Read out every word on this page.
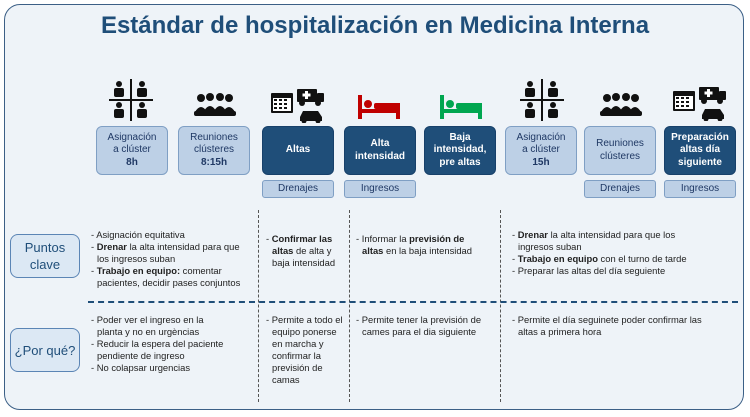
Estándar de hospitalización en Medicina Interna
Asignación
a clúster
8h
Reuniones
clústeres
8:15h
Altas
Alta
intensidad
Baja
intensidad,
pre altas
Asignación
a clúster
15h
Reuniones
clústeres
Preparación
altas día
siguiente
Drenajes	Ingresos	Drenajes	Ingresos
Puntos
clave
¿Por qué?
- Asignación equitativa
- Drenar la alta intensidad para que
los ingresos suban
- Trabajo en equipo: comentar
pacientes, decidir pases conjuntos
- Confirmar las
altas de alta y
baja intensidad
- Informar la previsión de
altas en la baja intensidad
- Drenar la alta intensidad para que los
ingresos suban
- Trabajo en equipo con el turno de tarde
- Preparar las altas del día seguiente
- Poder ver el ingreso en la
planta y no en urgèncias
- Reducir la espera del paciente
pendiente de ingreso
- No colapsar urgencias
- Permite a todo el
equipo ponerse
en marcha y
confirmar la
previsión de
camas
- Permite tener la previsión de
cames para el dia siguiente
- Permite el día seguinete poder confirmar las
altas a primera hora
